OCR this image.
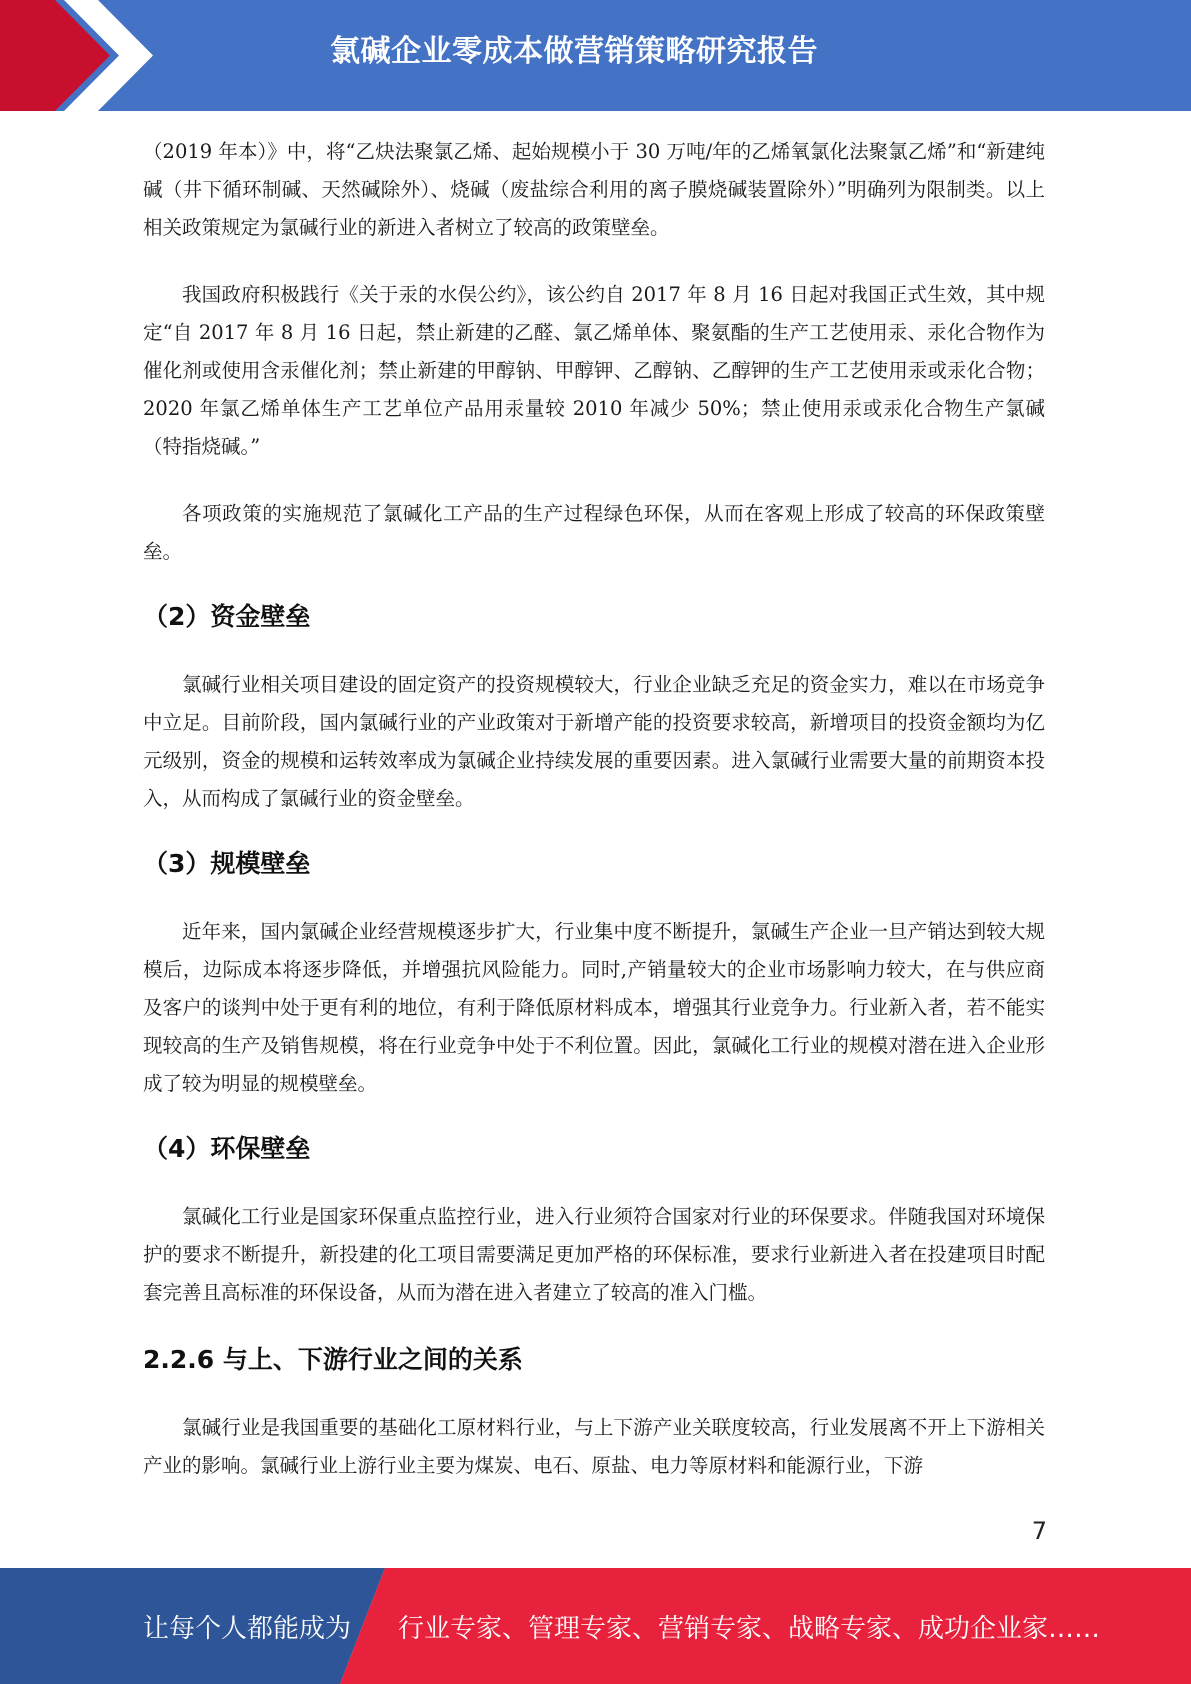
氯碱企业零成本做营销策略研究报告

（2019 年本）》中，将“乙炔法聚氯乙烯、起始规模小于 30 万吨/年的乙烯氧氯化法聚氯乙烯”和“新建纯碱（井下循环制碱、天然碱除外）、烧碱（废盐综合利用的离子膜烧碱装置除外）”明确列为限制类。以上相关政策规定为氯碱行业的新进入者树立了较高的政策壁垒。

我国政府积极践行《关于汞的水俣公约》，该公约自 2017 年 8 月 16 日起对我国正式生效，其中规定“自 2017 年 8 月 16 日起，禁止新建的乙醛、氯乙烯单体、聚氨酯的生产工艺使用汞、汞化合物作为催化剂或使用含汞催化剂；禁止新建的甲醇钠、甲醇钾、乙醇钠、乙醇钾的生产工艺使用汞或汞化合物；2020 年氯乙烯单体生产工艺单位产品用汞量较 2010 年减少 50%；禁止使用汞或汞化合物生产氯碱（特指烧碱。”

各项政策的实施规范了氯碱化工产品的生产过程绿色环保，从而在客观上形成了较高的环保政策壁垒。

（2）资金壁垒

氯碱行业相关项目建设的固定资产的投资规模较大，行业企业缺乏充足的资金实力，难以在市场竞争中立足。目前阶段，国内氯碱行业的产业政策对于新增产能的投资要求较高，新增项目的投资金额均为亿元级别，资金的规模和运转效率成为氯碱企业持续发展的重要因素。进入氯碱行业需要大量的前期资本投入，从而构成了氯碱行业的资金壁垒。

（3）规模壁垒

近年来，国内氯碱企业经营规模逐步扩大，行业集中度不断提升，氯碱生产企业一旦产销达到较大规模后，边际成本将逐步降低，并增强抗风险能力。同时,产销量较大的企业市场影响力较大，在与供应商及客户的谈判中处于更有利的地位，有利于降低原材料成本，增强其行业竞争力。行业新入者，若不能实现较高的生产及销售规模，将在行业竞争中处于不利位置。因此，氯碱化工行业的规模对潜在进入企业形成了较为明显的规模壁垒。

（4）环保壁垒

氯碱化工行业是国家环保重点监控行业，进入行业须符合国家对行业的环保要求。伴随我国对环境保护的要求不断提升，新投建的化工项目需要满足更加严格的环保标准，要求行业新进入者在投建项目时配套完善且高标准的环保设备，从而为潜在进入者建立了较高的准入门槛。

2.2.6 与上、下游行业之间的关系

氯碱行业是我国重要的基础化工原材料行业，与上下游产业关联度较高，行业发展离不开上下游相关产业的影响。氯碱行业上游行业主要为煤炭、电石、原盐、电力等原材料和能源行业，下游

7
让每个人都能成为 行业专家、管理专家、营销专家、战略专家、成功企业家……
